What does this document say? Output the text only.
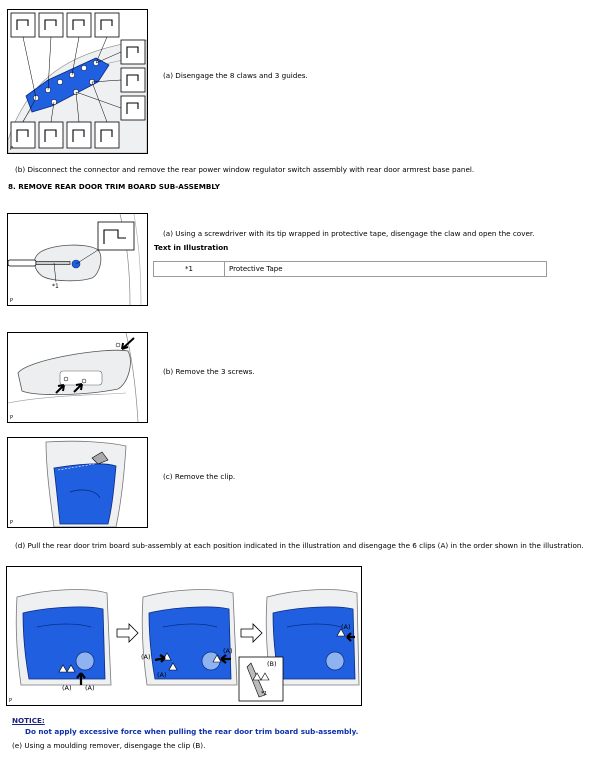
P
(a) Disengage the 8 claws and 3 guides.
(b) Disconnect the connector and remove the rear power window regulator switch assembly with rear door armrest base panel.
8. REMOVE REAR DOOR TRIM BOARD SUB-ASSEMBLY
*1
P
(a) Using a screwdriver with its tip wrapped in protective tape, disengage the claw and open the cover.
Text in Illustration
*1	Protective Tape
P
(b) Remove the 3 screws.
P
(c) Remove the clip.
(d) Pull the rear door trim board sub-assembly at each position indicated in the illustration and disengage the 6 clips (A) in the order shown in the illustration.
(A) (A)
(A)
(A)
(A)
(A)
(B)
*1
P
NOTICE:
Do not apply excessive force when pulling the rear door trim board sub-assembly.
(e) Using a moulding remover, disengage the clip (B).
